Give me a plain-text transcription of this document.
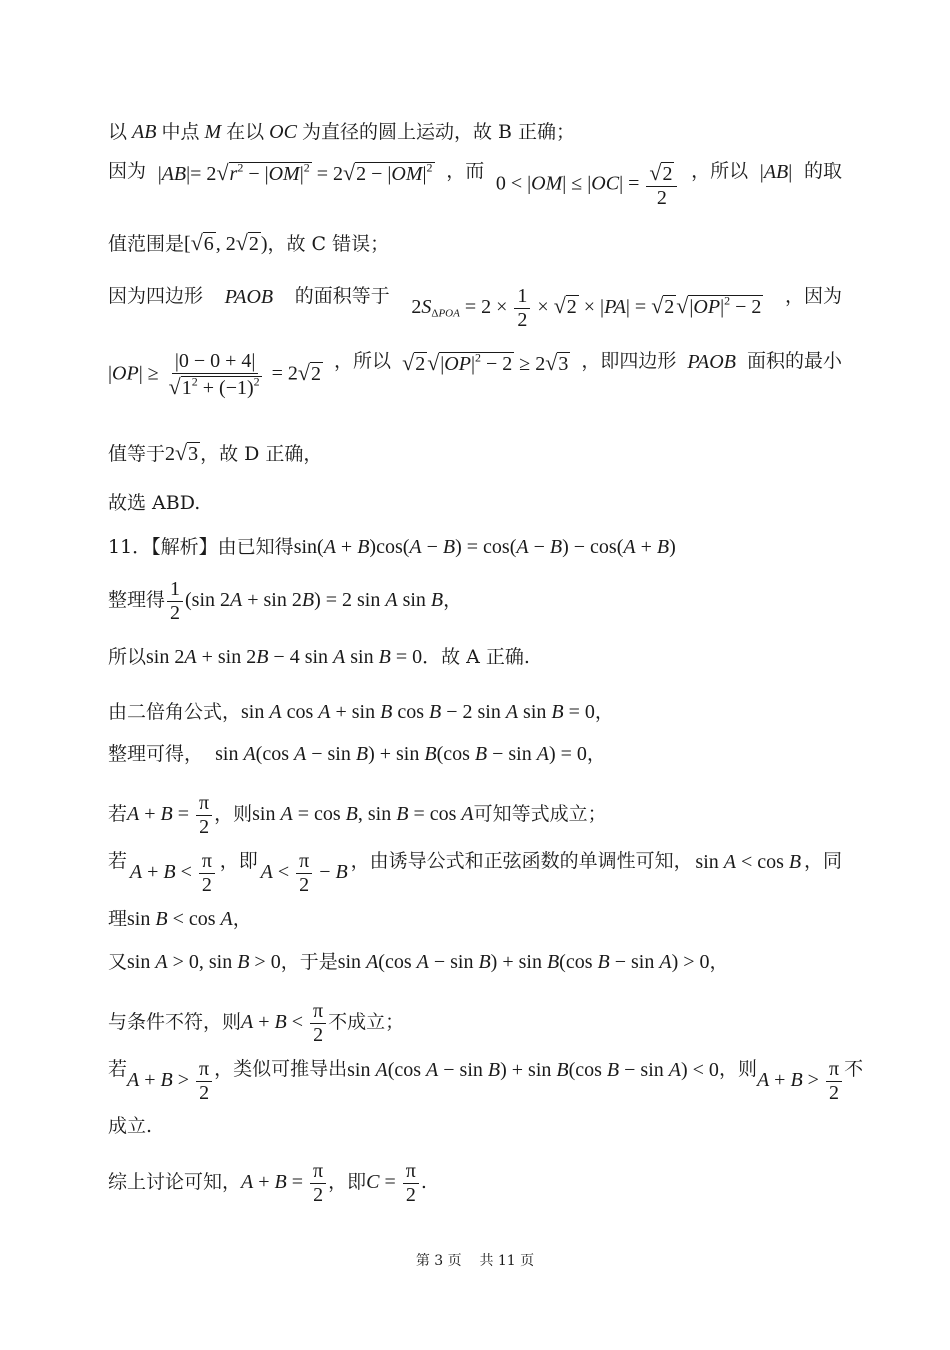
以 AB 中点 M 在以 OC 为直径的圆上运动，故 B 正确；
因为 $|AB|= 2√r^2 - |OM|^2 = 2√2 - |OM|^2$ ，而
$0 < |OM| \le |OC| = \frac{√2}{2}$ ，所以 |AB| 的取
值范围是[√6 , 2√2 )，故 C 错误；
因为四边形 PAOB 的面积等于
$2S_{\Delta POA} = 2 \times \frac{1}{2} \times √2 \times |PA| = √2√|OP|^2 - 2$
，因为
$|OP| \ge \frac{|0 - 0 + 4|}{√1^2 + (-1)^2} = 2√2$
，所以 $√2√|OP|^2 - 2 \ge 2√3$ ，即四边形 PAOB 面积的最小
值等于2√3 ，故 D 正确，
故选 ABD.
11．【解析】由已知得sin(A + B)cos(A − B) = cos(A − B) − cos(A + B)
整理得 $\frac{1}{2} (\sin$ 2A + sin 2B) = 2 sin A sin B，
所以sin 2A + sin 2B − 4 sin A sin B = 0．故 A 正确.
由二倍角公式，sin A cos A + sin B cos B − 2 sin A sin B = 0，
整理可得， sin A(cos A − sin B) + sin B(cos B − sin A) = 0，
若$A + B = \frac{\pi}{2}$ ，则sin A = cos B, sin B = cos A可知等式成立；
若
$A + B < \frac{\pi}{2}$ ，即
$A < \frac{\pi}{2} - B$
，由诱导公式和正弦函数的单调性可知， sin A < cos B ，同
理sin B < cos A，
又sin A > 0, sin B > 0，于是sin A(cos A − sin B) + sin B(cos B − sin A) > 0，
与条件不符，则$A + B < \frac{\pi}{2}$ 不成立；
若
$A + B > \frac{\pi}{2}$ ，类似可推导出 sin A(cos A − sin B) + sin B(cos B − sin A) < 0 ，则
$A + B > \frac{\pi}{2}$ 不
成立.
综上讨论可知，$A + B = \frac{\pi}{2}$ ，即$C = \frac{\pi}{2}$ .
第 3 页 共 11 页
